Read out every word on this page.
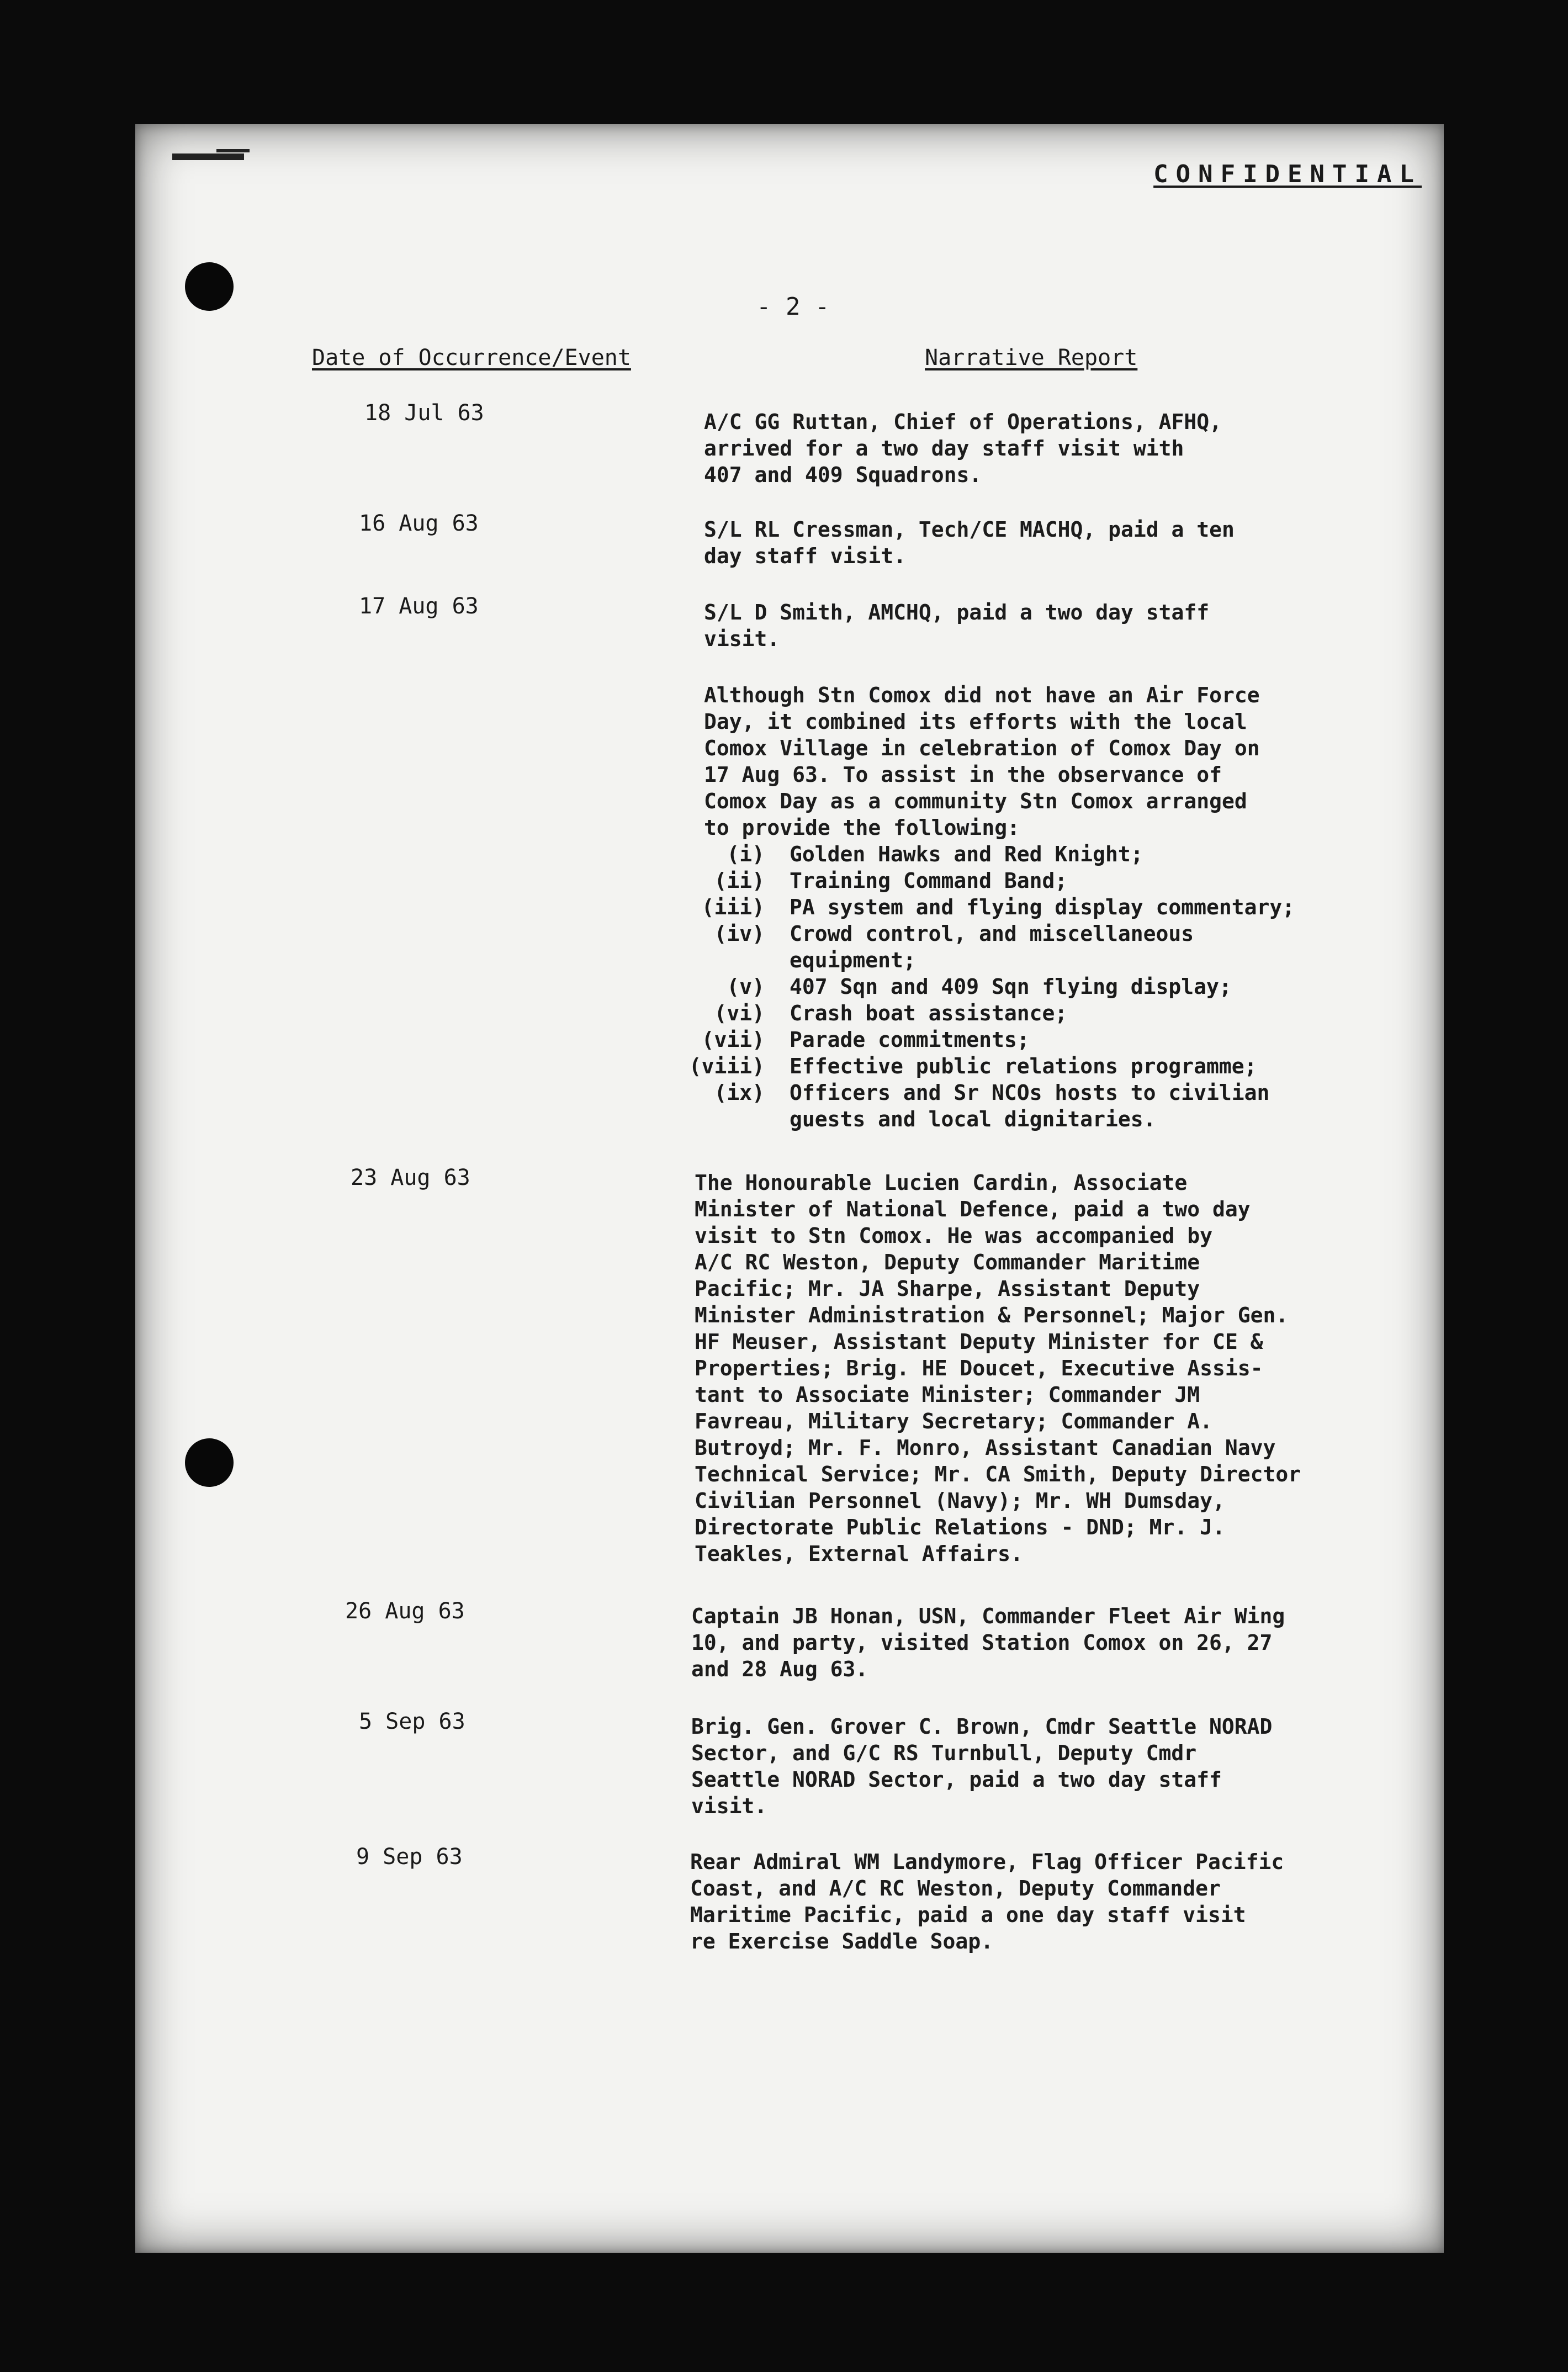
CONFIDENTIAL
- 2 -
Date of Occurrence/Event	Narrative Report
18 Jul 63	A/C GG Ruttan, Chief of Operations, AFHQ,
arrived for a two day staff visit with
407 and 409 Squadrons.
16 Aug 63	S/L RL Cressman, Tech/CE MACHQ, paid a ten
day staff visit.
17 Aug 63	S/L D Smith, AMCHQ, paid a two day staff
visit.
Although Stn Comox did not have an Air Force
Day, it combined its efforts with the local
Comox Village in celebration of Comox Day on
17 Aug 63. To assist in the observance of
Comox Day as a community Stn Comox arranged
to provide the following:
(i) Golden Hawks and Red Knight;
(ii) Training Command Band;
(iii) PA system and flying display commentary;
(iv) Crowd control, and miscellaneous
equipment;
(v) 407 Sqn and 409 Sqn flying display;
(vi) Crash boat assistance;
(vii) Parade commitments;
(viii) Effective public relations programme;
(ix) Officers and Sr NCOs hosts to civilian
guests and local dignitaries.
23 Aug 63	The Honourable Lucien Cardin, Associate
Minister of National Defence, paid a two day
visit to Stn Comox. He was accompanied by
A/C RC Weston, Deputy Commander Maritime
Pacific; Mr. JA Sharpe, Assistant Deputy
Minister Administration & Personnel; Major Gen.
HF Meuser, Assistant Deputy Minister for CE &
Properties; Brig. HE Doucet, Executive Assis-
tant to Associate Minister; Commander JM
Favreau, Military Secretary; Commander A.
Butroyd; Mr. F. Monro, Assistant Canadian Navy
Technical Service; Mr. CA Smith, Deputy Director
Civilian Personnel (Navy); Mr. WH Dumsday,
Directorate Public Relations - DND; Mr. J.
Teakles, External Affairs.
26 Aug 63	Captain JB Honan, USN, Commander Fleet Air Wing
10, and party, visited Station Comox on 26, 27
and 28 Aug 63.
5 Sep 63	Brig. Gen. Grover C. Brown, Cmdr Seattle NORAD
Sector, and G/C RS Turnbull, Deputy Cmdr
Seattle NORAD Sector, paid a two day staff
visit.
9 Sep 63	Rear Admiral WM Landymore, Flag Officer Pacific
Coast, and A/C RC Weston, Deputy Commander
Maritime Pacific, paid a one day staff visit
re Exercise Saddle Soap.
